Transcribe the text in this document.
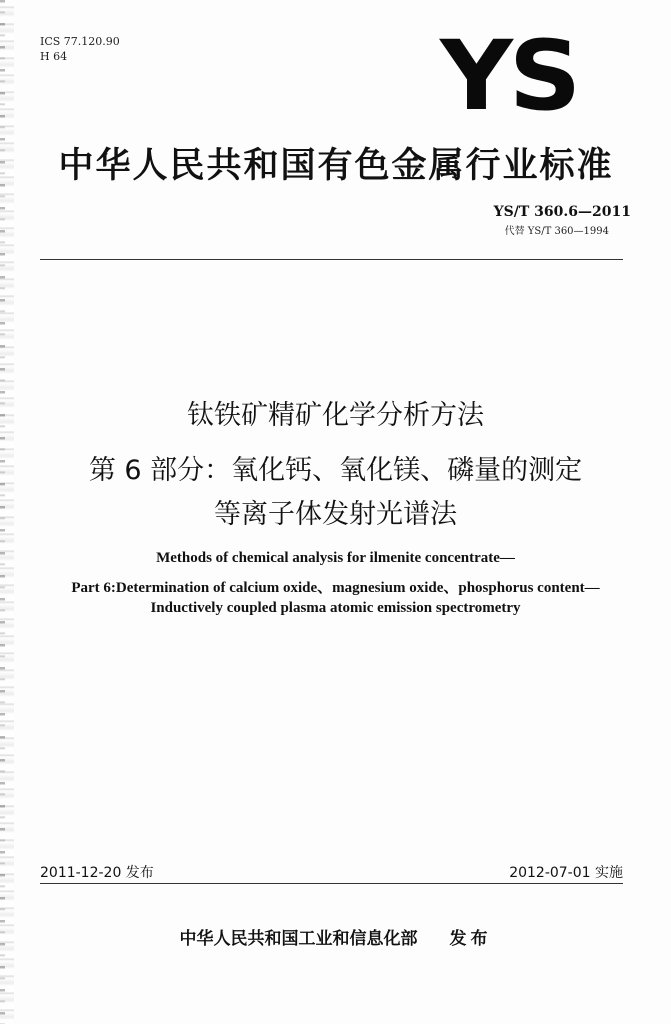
ICS 77.120.90
H 64	YS
中华人民共和国有色金属行业标准
YS/T 360.6—2011
代替 YS/T 360—1994
钛铁矿精矿化学分析方法
第 6 部分：氧化钙、氧化镁、磷量的测定
等离子体发射光谱法
Methods of chemical analysis for ilmenite concentrate—
Part 6:Determination of calcium oxide、magnesium oxide、phosphorus content—
Inductively coupled plasma atomic emission spectrometry
2011-12-20 发布	2012-07-01 实施
中华人民共和国工业和信息化部 发布
